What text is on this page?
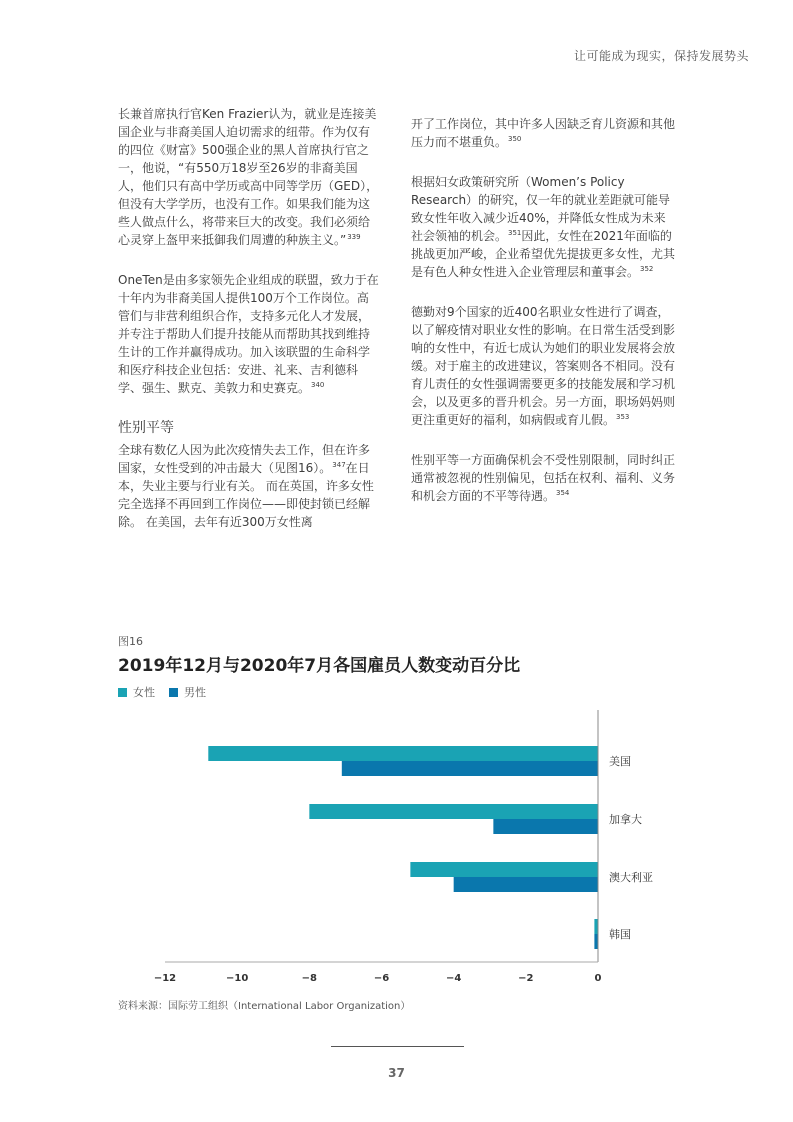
让可能成为现实，保持发展势头

长兼首席执行官Ken Frazier认为，就业是连接美国企业与非裔美国人迫切需求的纽带。作为仅有的四位《财富》500强企业的黑人首席执行官之一，他说，“有550万18岁至26岁的非裔美国人，他们只有高中学历或高中同等学历（GED），但没有大学学历，也没有工作。如果我们能为这些人做点什么，将带来巨大的改变。我们必须给心灵穿上盔甲来抵御我们周遭的种族主义。”$^{339}$

OneTen是由多家领先企业组成的联盟，致力于在十年内为非裔美国人提供100万个工作岗位。高管们与非营利组织合作，支持多元化人才发展，并专注于帮助人们提升技能从而帮助其找到维持生计的工作并赢得成功。加入该联盟的生命科学和医疗科技企业包括：安进、礼来、吉利德科学、强生、默克、美敦力和史赛克。$^{340}$

性别平等

全球有数亿人因为此次疫情失去工作，但在许多国家，女性受到的冲击最大（见图16）。$^{347}$在日本，失业主要与行业有关。 而在英国，许多女性完全选择不再回到工作岗位——即使封锁已经解除。 在美国，去年有近300万女性离

开了工作岗位，其中许多人因缺乏育儿资源和其他压力而不堪重负。$^{350}$

根据妇女政策研究所（Women’s Policy Research）的研究，仅一年的就业差距就可能导致女性年收入减少近40%，并降低女性成为未来社会领袖的机会。$^{351}$因此，女性在2021年面临的挑战更加严峻，企业希望优先提拔更多女性，尤其是有色人种女性进入企业管理层和董事会。$^{352}$

德勤对9个国家的近400名职业女性进行了调查，以了解疫情对职业女性的影响。在日常生活受到影响的女性中，有近七成认为她们的职业发展将会放缓。对于雇主的改进建议，答案则各不相同。没有育儿责任的女性强调需要更多的技能发展和学习机会，以及更多的晋升机会。另一方面，职场妈妈则更注重更好的福利，如病假或育儿假。$^{353}$

性别平等一方面确保机会不受性别限制，同时纠正通常被忽视的性别偏见，包括在权利、福利、义务和机会方面的不平等待遇。$^{354}$

图16
2019年12月与2020年7月各国雇员人数变动百分比
女性	男性
美国
加拿大
澳大利亚
韩国
−12	−10	−8	−6	−4	−2	0
资料来源：国际劳工组织（International Labor Organization）
37
